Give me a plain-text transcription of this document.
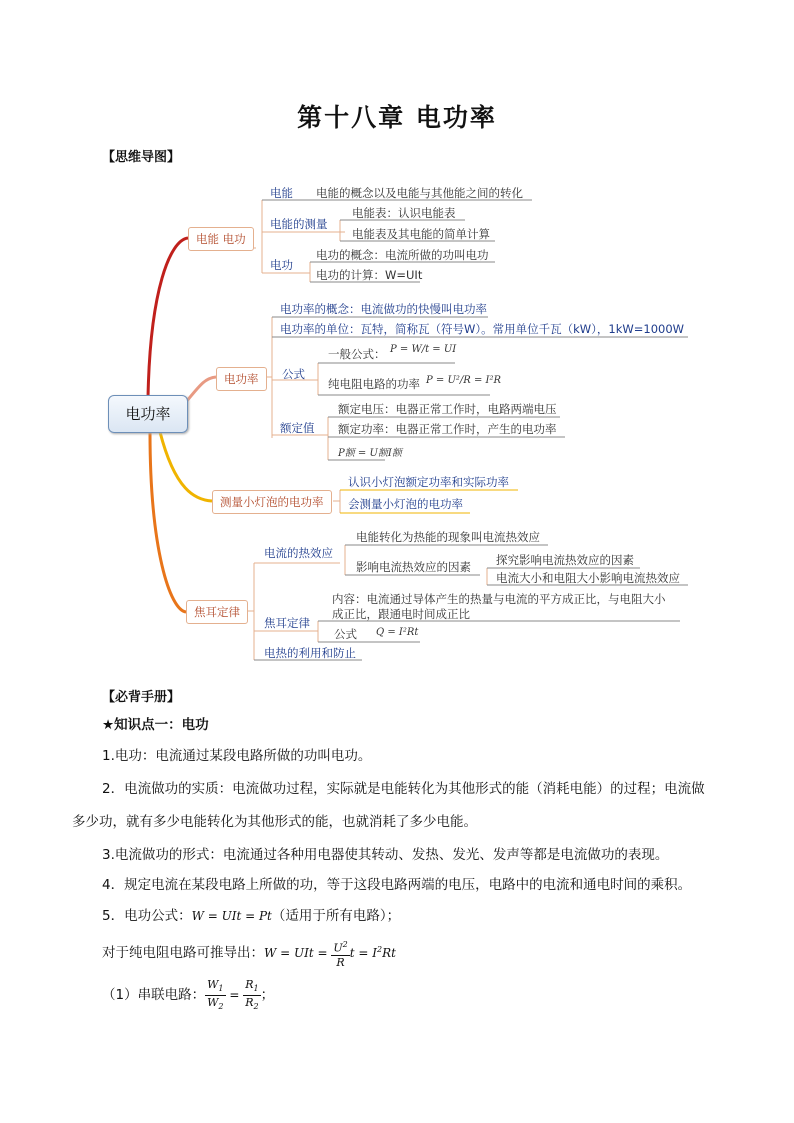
第十八章 电功率
【思维导图】
电功率
电能 电功
电能 电能的概念以及电能与其他能之间的转化
电能的测量
电能表：认识电能表
电能表及其电能的简单计算
电功
电功的概念：电流所做的功叫电功
电功的计算：W=UIt
电功率
电功率的概念：电流做功的快慢叫电功率
电功率的单位：瓦特，简称瓦（符号W）。常用单位千瓦（kW），1kW=1000W
公式
一般公式： P = W/t = UI
纯电阻电路的功率 P = U²/R = I²R
额定值
额定电压：电器正常工作时，电路两端电压
额定功率：电器正常工作时，产生的电功率
P额 = U额I额
测量小灯泡的电功率
认识小灯泡额定功率和实际功率
会测量小灯泡的电功率
焦耳定律
电流的热效应
电能转化为热能的现象叫电流热效应
影响电流热效应的因素 探究影响电流热效应的因素
电流大小和电阻大小影响电流热效应
焦耳定律
内容：电流通过导体产生的热量与电流的平方成正比，与电阻大小
成正比，跟通电时间成正比
公式 Q = I²Rt
电热的利用和防止
【必背手册】
★知识点一：电功
1.电功：电流通过某段电路所做的功叫电功。
2．电流做功的实质：电流做功过程，实际就是电能转化为其他形式的能（消耗电能）的过程；电流做
多少功，就有多少电能转化为其他形式的能，也就消耗了多少电能。
3.电流做功的形式：电流通过各种用电器使其转动、发热、发光、发声等都是电流做功的表现。
4．规定电流在某段电路上所做的功，等于这段电路两端的电压，电路中的电流和通电时间的乘积。
5．电功公式：W = UIt = Pt（适用于所有电路）；
对于纯电阻电路可推导出：W = UIt = $\frac{U^2}{R}$ $t = I^2Rt$
（1）串联电路： $\frac{W_1}{W_2} = \frac{R_1}{R_2}$ ；
